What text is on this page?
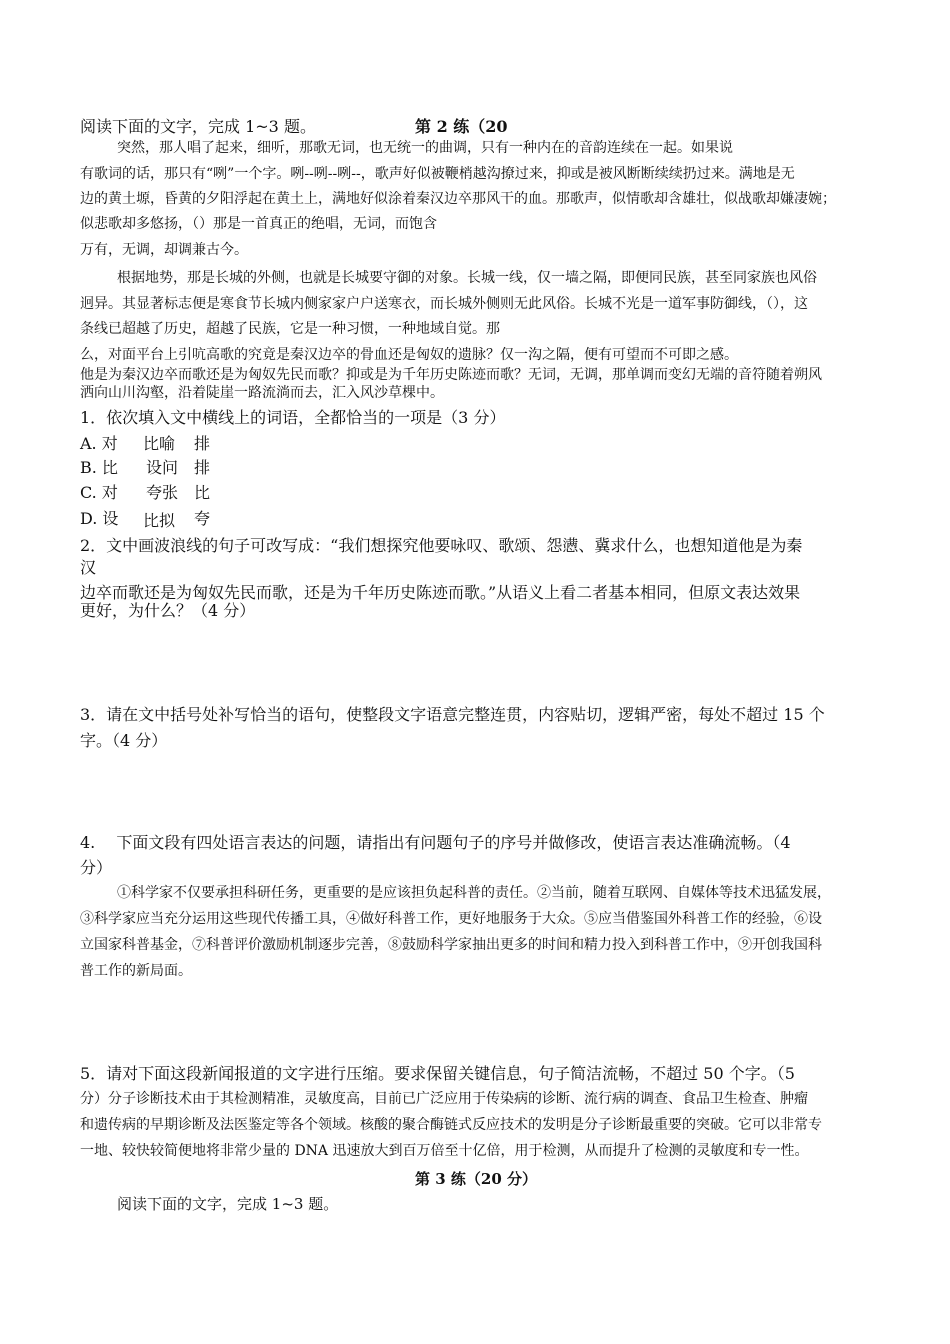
阅读下面的文字，完成 1~3 题。	第 2 练（20
突然，那人唱了起来，细听，那歌无词，也无统一的曲调，只有一种内在的音韵连续在一起。如果说
有歌词的话，那只有“咧”一个字。咧--咧--咧--，歌声好似被鞭梢越沟撩过来，抑或是被风断断续续扔过来。满地是无
边的黄土塬，昏黄的夕阳浮起在黄土上，满地好似涂着秦汉边卒那风干的血。那歌声，似情歌却含雄壮，似战歌却嫌凄婉；
似悲歌却多悠扬，（）那是一首真正的绝唱，无词，而饱含
万有，无调，却调兼古今。
根据地势，那是长城的外侧，也就是长城要守御的对象。长城一线，仅一墙之隔，即便同民族，甚至同家族也风俗
迥异。其显著标志便是寒食节长城内侧家家户户送寒衣，而长城外侧则无此风俗。长城不光是一道军事防御线，（），这
条线已超越了历史，超越了民族，它是一种习惯，一种地域自觉。那
么，对面平台上引吭高歌的究竟是秦汉边卒的骨血还是匈奴的遗脉？仅一沟之隔，便有可望而不可即之感。
他是为秦汉边卒而歌还是为匈奴先民而歌？抑或是为千年历史陈迹而歌？无词，无调，那单调而变幻无端的音符随着朔风
洒向山川沟壑，沿着陡崖一路流淌而去，汇入风沙草棵中。
1．依次填入文中横线上的词语，全都恰当的一项是（3 分）
A. 对 比喻 排
B. 比 设问 排
C. 对 夸张 比
D. 设 比拟 夸
2．文中画波浪线的句子可改写成：“我们想探究他要咏叹、歌颂、怨懑、冀求什么，也想知道他是为秦
汉
边卒而歌还是为匈奴先民而歌，还是为千年历史陈迹而歌。”从语义上看二者基本相同，但原文表达效果
更好，为什么？（4 分）
3．请在文中括号处补写恰当的语句，使整段文字语意完整连贯，内容贴切，逻辑严密，每处不超过 15 个
字。（4 分）
4.　 下面文段有四处语言表达的问题，请指出有问题句子的序号并做修改，使语言表达准确流畅。（4
分）
①科学家不仅要承担科研任务，更重要的是应该担负起科普的责任。②当前，随着互联网、自媒体等技术迅猛发展，
③科学家应当充分运用这些现代传播工具，④做好科普工作，更好地服务于大众。⑤应当借鉴国外科普工作的经验，⑥设
立国家科普基金，⑦科普评价激励机制逐步完善，⑧鼓励科学家抽出更多的时间和精力投入到科普工作中，⑨开创我国科
普工作的新局面。
5．请对下面这段新闻报道的文字进行压缩。要求保留关键信息，句子简洁流畅，不超过 50 个字。（5
分）分子诊断技术由于其检测精准，灵敏度高，目前已广泛应用于传染病的诊断、流行病的调查、食品卫生检查、肿瘤
和遗传病的早期诊断及法医鉴定等各个领域。核酸的聚合酶链式反应技术的发明是分子诊断最重要的突破。它可以非常专
一地、较快较简便地将非常少量的 DNA 迅速放大到百万倍至十亿倍，用于检测，从而提升了检测的灵敏度和专一性。
第 3 练（20 分）
阅读下面的文字，完成 1~3 题。
